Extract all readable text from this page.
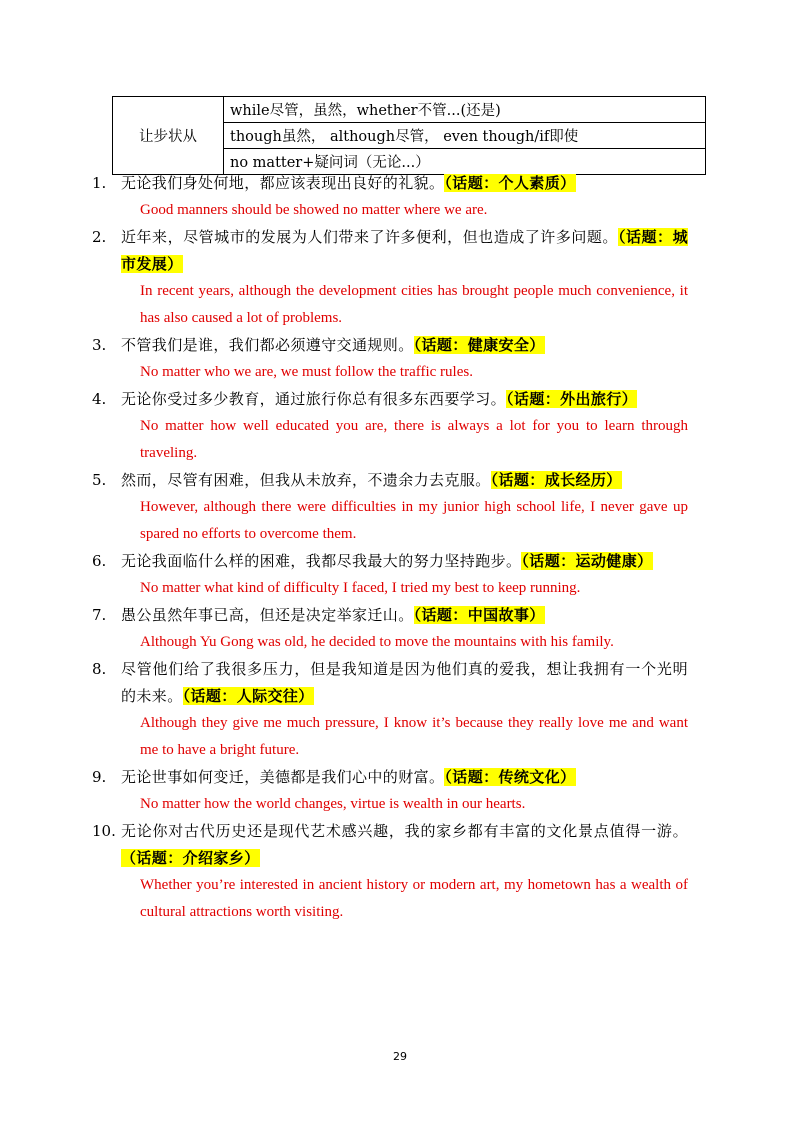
让步状从	while尽管，虽然，whether不管...(还是)
though虽然， although尽管， even though/if即使
no matter+疑问词（无论...）
1. 无论我们身处何地，都应该表现出良好的礼貌。（话题：个人素质）
Good manners should be showed no matter where we are.
2. 近年来，尽管城市的发展为人们带来了许多便利，但也造成了许多问题。（话题：城市发展）
In recent years, although the development cities has brought people much convenience, it has also caused a lot of problems.
3. 不管我们是谁，我们都必须遵守交通规则。（话题：健康安全）
No matter who we are, we must follow the traffic rules.
4. 无论你受过多少教育，通过旅行你总有很多东西要学习。（话题：外出旅行）
No matter how well educated you are, there is always a lot for you to learn through traveling.
5. 然而，尽管有困难，但我从未放弃，不遗余力去克服。（话题：成长经历）
However, although there were difficulties in my junior high school life, I never gave up spared no efforts to overcome them.
6. 无论我面临什么样的困难，我都尽我最大的努力坚持跑步。（话题：运动健康）
No matter what kind of difficulty I faced, I tried my best to keep running.
7. 愚公虽然年事已高，但还是决定举家迁山。（话题：中国故事）
Although Yu Gong was old, he decided to move the mountains with his family.
8. 尽管他们给了我很多压力，但是我知道是因为他们真的爱我，想让我拥有一个光明的未来。（话题：人际交往）
Although they give me much pressure, I know it’s because they really love me and want me to have a bright future.
9. 无论世事如何变迁，美德都是我们心中的财富。（话题：传统文化）
No matter how the world changes, virtue is wealth in our hearts.
10. 无论你对古代历史还是现代艺术感兴趣，我的家乡都有丰富的文化景点值得一游。（话题：介绍家乡）
Whether you’re interested in ancient history or modern art, my hometown has a wealth of cultural attractions worth visiting.
29
